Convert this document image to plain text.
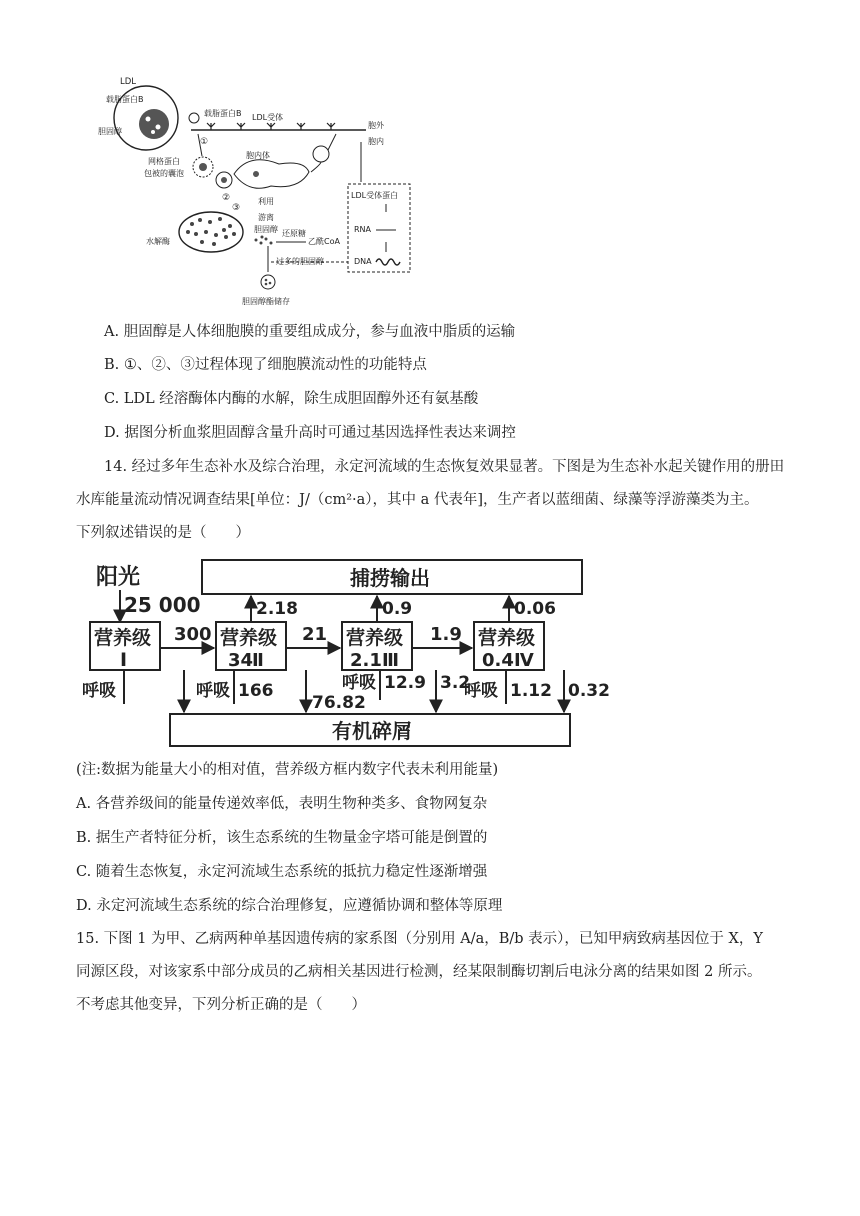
LDL
载脂蛋白B
胆固醇
载脂蛋白B LDL受体
胞外
胞内
①
网格蛋白
包被的囊泡
胞内体
②
③
水解酶
利用
游离
胆固醇 还原糖
乙酰CoA
过多的胆固醇
胆固醇酯储存
LDL受体蛋白
RNA
DNA
A. 胆固醇是人体细胞膜的重要组成成分，参与血液中脂质的运输
B. ①、②、③过程体现了细胞膜流动性的功能特点
C. LDL 经溶酶体内酶的水解，除生成胆固醇外还有氨基酸
D. 据图分析血浆胆固醇含量升高时可通过基因选择性表达来调控
14. 经过多年生态补水及综合治理，永定河流域的生态恢复效果显著。下图是为生态补水起关键作用的册田
水库能量流动情况调查结果[单位：J/（cm²·a），其中 a 代表年]，生产者以蓝细菌、绿藻等浮游藻类为主。
下列叙述错误的是（　　）
捕捞输出
有机碎屑
阳光
25 000
营养级
Ⅰ
营养级
34
Ⅱ
营养级
2.1 Ⅲ
营养级
0.4 Ⅳ
300	21	1.9
2.18	0.9	0.06
呼吸	呼吸 166	呼吸 12.9 呼吸 1.12
76.82
3.2	0.32
(注:数据为能量大小的相对值，营养级方框内数字代表未利用能量)
A. 各营养级间的能量传递效率低，表明生物种类多、食物网复杂
B. 据生产者特征分析，该生态系统的生物量金字塔可能是倒置的
C. 随着生态恢复，永定河流域生态系统的抵抗力稳定性逐渐增强
D. 永定河流域生态系统的综合治理修复，应遵循协调和整体等原理
15. 下图 1 为甲、乙病两种单基因遗传病的家系图（分别用 A/a，B/b 表示），已知甲病致病基因位于 X，Y
同源区段，对该家系中部分成员的乙病相关基因进行检测，经某限制酶切割后电泳分离的结果如图 2 所示。
不考虑其他变异，下列分析正确的是（　　）
